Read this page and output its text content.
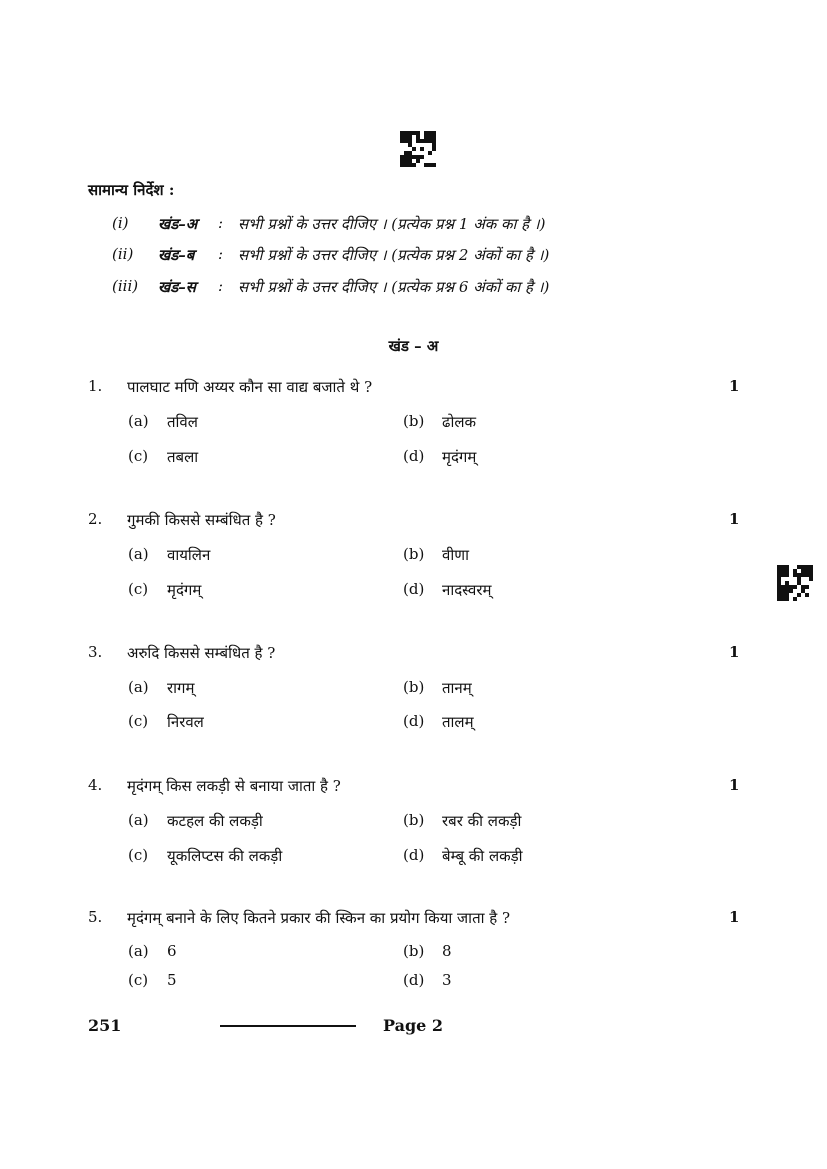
सामान्य निर्देश :
(i) खंड–अ : सभी प्रश्नों के उत्तर दीजिए । (प्रत्येक प्रश्न 1 अंक का है ।)
(ii) खंड–ब : सभी प्रश्नों के उत्तर दीजिए । (प्रत्येक प्रश्न 2 अंकों का है ।)
(iii) खंड–स : सभी प्रश्नों के उत्तर दीजिए । (प्रत्येक प्रश्न 6 अंकों का है ।)
खंड – अ
1. पालघाट मणि अय्यर कौन सा वाद्य बजाते थे ?	1
(a) तविल	(b) ढोलक
(c) तबला	(d) मृदंगम्
2. गुमकी किससे सम्बंधित है ?	1
(a) वायलिन	(b) वीणा
(c) मृदंगम्	(d) नादस्वरम्
3. अरुदि किससे सम्बंधित है ?	1
(a) रागम्	(b) तानम्
(c) निरवल	(d) तालम्
4. मृदंगम् किस लकड़ी से बनाया जाता है ?	1
(a) कटहल की लकड़ी	(b) रबर की लकड़ी
(c) यूकलिप्टस की लकड़ी	(d) बेम्बू की लकड़ी
5. मृदंगम् बनाने के लिए कितने प्रकार की स्किन का प्रयोग किया जाता है ?	1
(a) 6	(b) 8
(c) 5	(d) 3
251	Page 2
